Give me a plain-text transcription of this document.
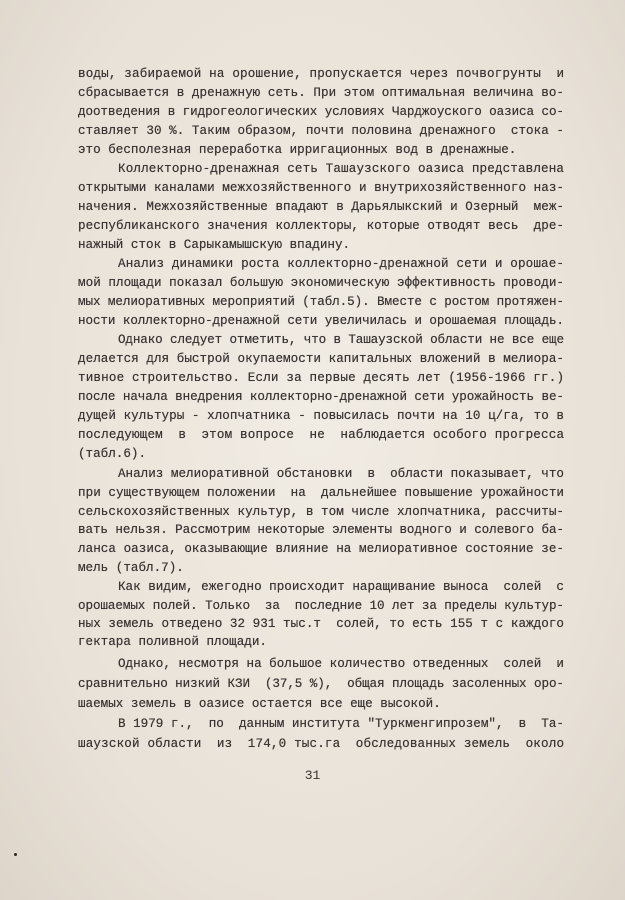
воды, забираемой на орошение, пропускается через почвогрунты  и
сбрасывается в дренажную сеть. При этом оптимальная величина во-
доотведения в гидрогеологических условиях Чарджоуского оазиса со-
ставляет 30 %. Таким образом, почти половина дренажного  стока -
это бесполезная переработка ирригационных вод в дренажные.
Коллекторно-дренажная сеть Ташаузского оазиса представлена
открытыми каналами межхозяйственного и внутрихозяйственного наз-
начения. Межхозяйственные впадают в Дарьялыкский и Озерный  меж-
республиканского значения коллекторы, которые отводят весь  дре-
нажный сток в Сарыкамышскую впадину.
Анализ динамики роста коллекторно-дренажной сети и орошае-
мой площади показал большую экономическую эффективность проводи-
мых мелиоративных мероприятий (табл.5). Вместе с ростом протяжен-
ности коллекторно-дренажной сети увеличилась и орошаемая площадь.
Однако следует отметить, что в Ташаузской области не все еще
делается для быстрой окупаемости капитальных вложений в мелиора-
тивное строительство. Если за первые десять лет (1956-1966 гг.)
после начала внедрения коллекторно-дренажной сети урожайность ве-
дущей культуры - хлопчатника - повысилась почти на 10 ц/га, то в
последующем  в  этом вопросе  не  наблюдается особого прогресса
(табл.6).
Анализ мелиоративной обстановки  в  области показывает, что
при существующем положении  на  дальнейшее повышение урожайности
сельскохозяйственных культур, в том числе хлопчатника, рассчиты-
вать нельзя. Рассмотрим некоторые элементы водного и солевого ба-
ланса оазиса, оказывающие влияние на мелиоративное состояние зе-
мель (табл.7).
Как видим, ежегодно происходит наращивание выноса  солей  с
орошаемых полей. Только  за  последние 10 лет за пределы культур-
ных земель отведено 32 931 тыс.т  солей, то есть 155 т с каждого
гектара поливной площади.
Однако, несмотря на большое количество отведенных  солей  и
сравнительно низкий КЗИ  (37,5 %),  общая площадь засоленных оро-
шаемых земель в оазисе остается все еще высокой.
В 1979 г.,  по  данным института "Туркменгипрозем",  в  Та-
шаузской области  из  174,0 тыс.га  обследованных земель  около
31
